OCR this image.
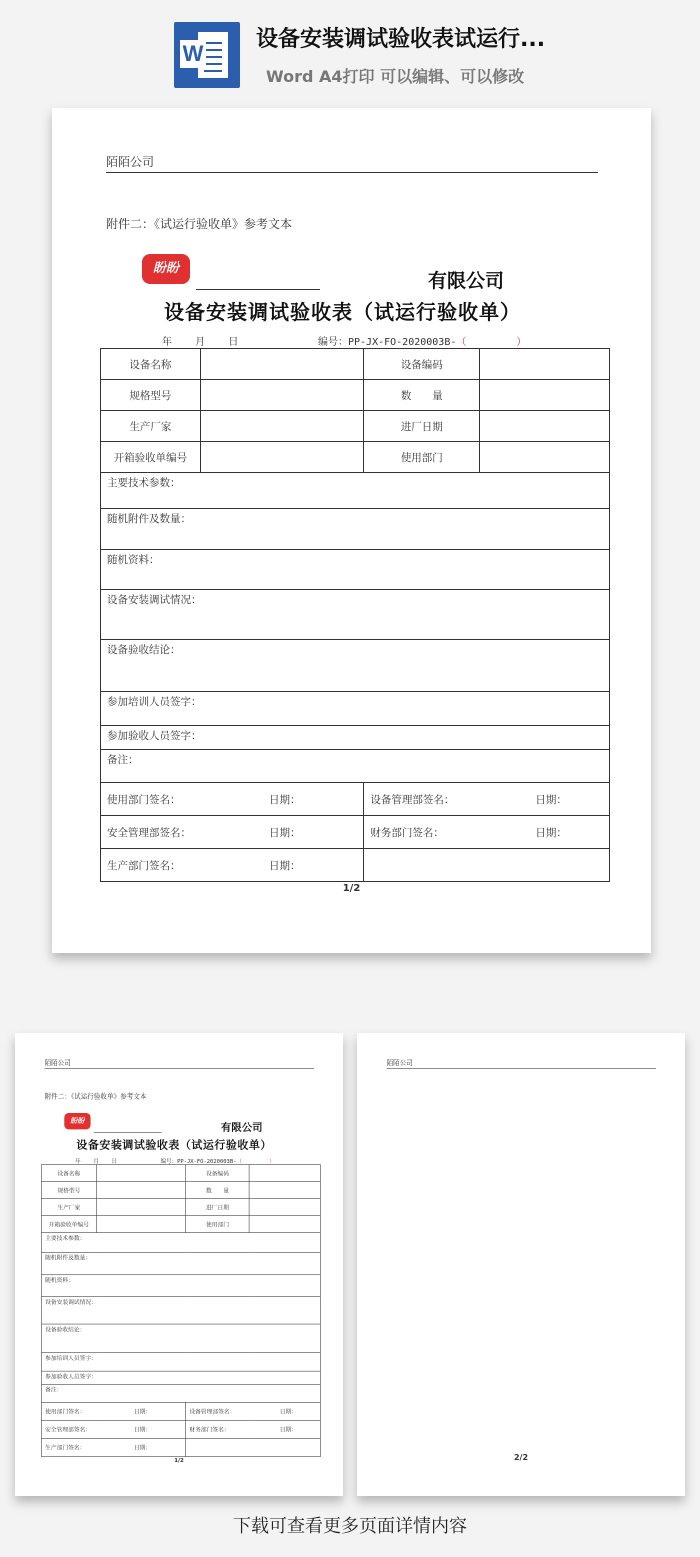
W
设备安装调试验收表试运行...
Word A4打印 可以编辑、可以修改
陌陌公司
附件二：《试运行验收单》参考文本
盼盼
有限公司
设备安装调试验收表（试运行验收单）
年 月 日	编号：PP-JX-FO-2020003B-（　　　　　）
设备名称		设备编码	
规格型号		数　　量	
生产厂家		进厂日期	
开箱验收单编号		使用部门	
主要技术参数：			
随机附件及数量：			
随机资料：			
设备安装调试情况：			
设备验收结论：			
参加培训人员签字：			
参加验收人员签字：			
备注：			
使用部门签名： 日期：		设备管理部签名： 日期：	
安全管理部签名： 日期：		财务部门签名： 日期：	
生产部门签名： 日期：			
1/2
陌陌公司
附件二：《试运行验收单》参考文本
盼盼
有限公司
设备安装调试验收表（试运行验收单）
年 月 日	编号：PP-JX-FO-2020003B-（　　　　　）
设备名称		设备编码	
规格型号		数　　量	
生产厂家		进厂日期	
开箱验收单编号		使用部门	
主要技术参数：			
随机附件及数量：			
随机资料：			
设备安装调试情况：			
设备验收结论：			
参加培训人员签字：			
参加验收人员签字：			
备注：			
使用部门签名： 日期：		设备管理部签名： 日期：	
安全管理部签名： 日期：		财务部门签名： 日期：	
生产部门签名： 日期：			
1/2
陌陌公司
2/2
下载可查看更多页面详情内容
